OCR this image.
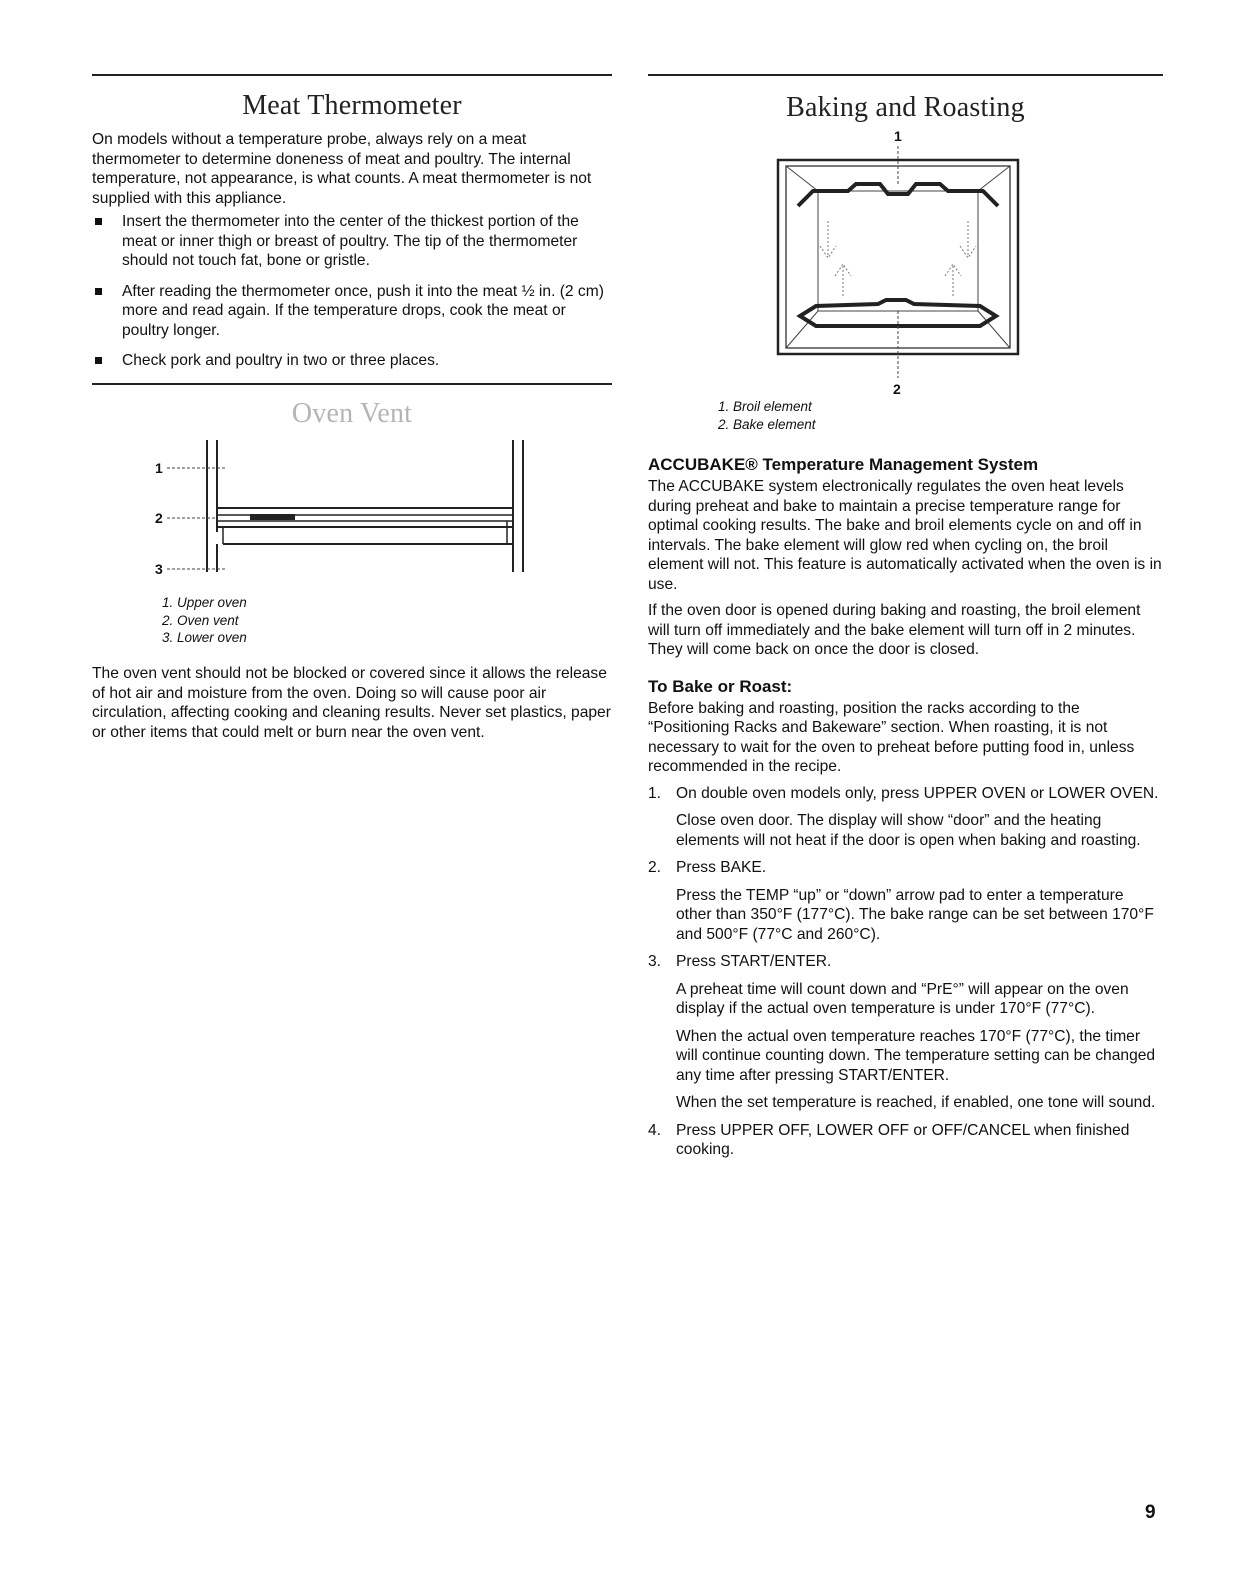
Meat Thermometer

On models without a temperature probe, always rely on a meat thermometer to determine doneness of meat and poultry. The internal temperature, not appearance, is what counts. A meat thermometer is not supplied with this appliance.

Insert the thermometer into the center of the thickest portion of the meat or inner thigh or breast of poultry. The tip of the thermometer should not touch fat, bone or gristle.
After reading the thermometer once, push it into the meat ½ in. (2 cm) more and read again. If the temperature drops, cook the meat or poultry longer.
Check pork and poultry in two or three places.
Oven Vent
1
2
3
1. Upper oven
2. Oven vent
3. Lower oven

The oven vent should not be blocked or covered since it allows the release of hot air and moisture from the oven. Doing so will cause poor air circulation, affecting cooking and cleaning results. Never set plastics, paper or other items that could melt or burn near the oven vent.

Baking and Roasting
1
2
1. Broil element
2. Bake element
ACCUBAKE® Temperature Management System

The ACCUBAKE system electronically regulates the oven heat levels during preheat and bake to maintain a precise temperature range for optimal cooking results. The bake and broil elements cycle on and off in intervals. The bake element will glow red when cycling on, the broil element will not. This feature is automatically activated when the oven is in use.

If the oven door is opened during baking and roasting, the broil element will turn off immediately and the bake element will turn off in 2 minutes. They will come back on once the door is closed.

To Bake or Roast:

Before baking and roasting, position the racks according to the “Positioning Racks and Bakeware” section. When roasting, it is not necessary to wait for the oven to preheat before putting food in, unless recommended in the recipe.

1. On double oven models only, press UPPER OVEN or LOWER OVEN.

Close oven door. The display will show “door” and the heating elements will not heat if the door is open when baking and roasting.

2. Press BAKE.

Press the TEMP “up” or “down” arrow pad to enter a temperature other than 350°F (177°C). The bake range can be set between 170°F and 500°F (77°C and 260°C).

3. Press START/ENTER.

A preheat time will count down and “PrE°” will appear on the oven display if the actual oven temperature is under 170°F (77°C).

When the actual oven temperature reaches 170°F (77°C), the timer will continue counting down. The temperature setting can be changed any time after pressing START/ENTER.

When the set temperature is reached, if enabled, one tone will sound.

4. Press UPPER OFF, LOWER OFF or OFF/CANCEL when finished cooking.

9
